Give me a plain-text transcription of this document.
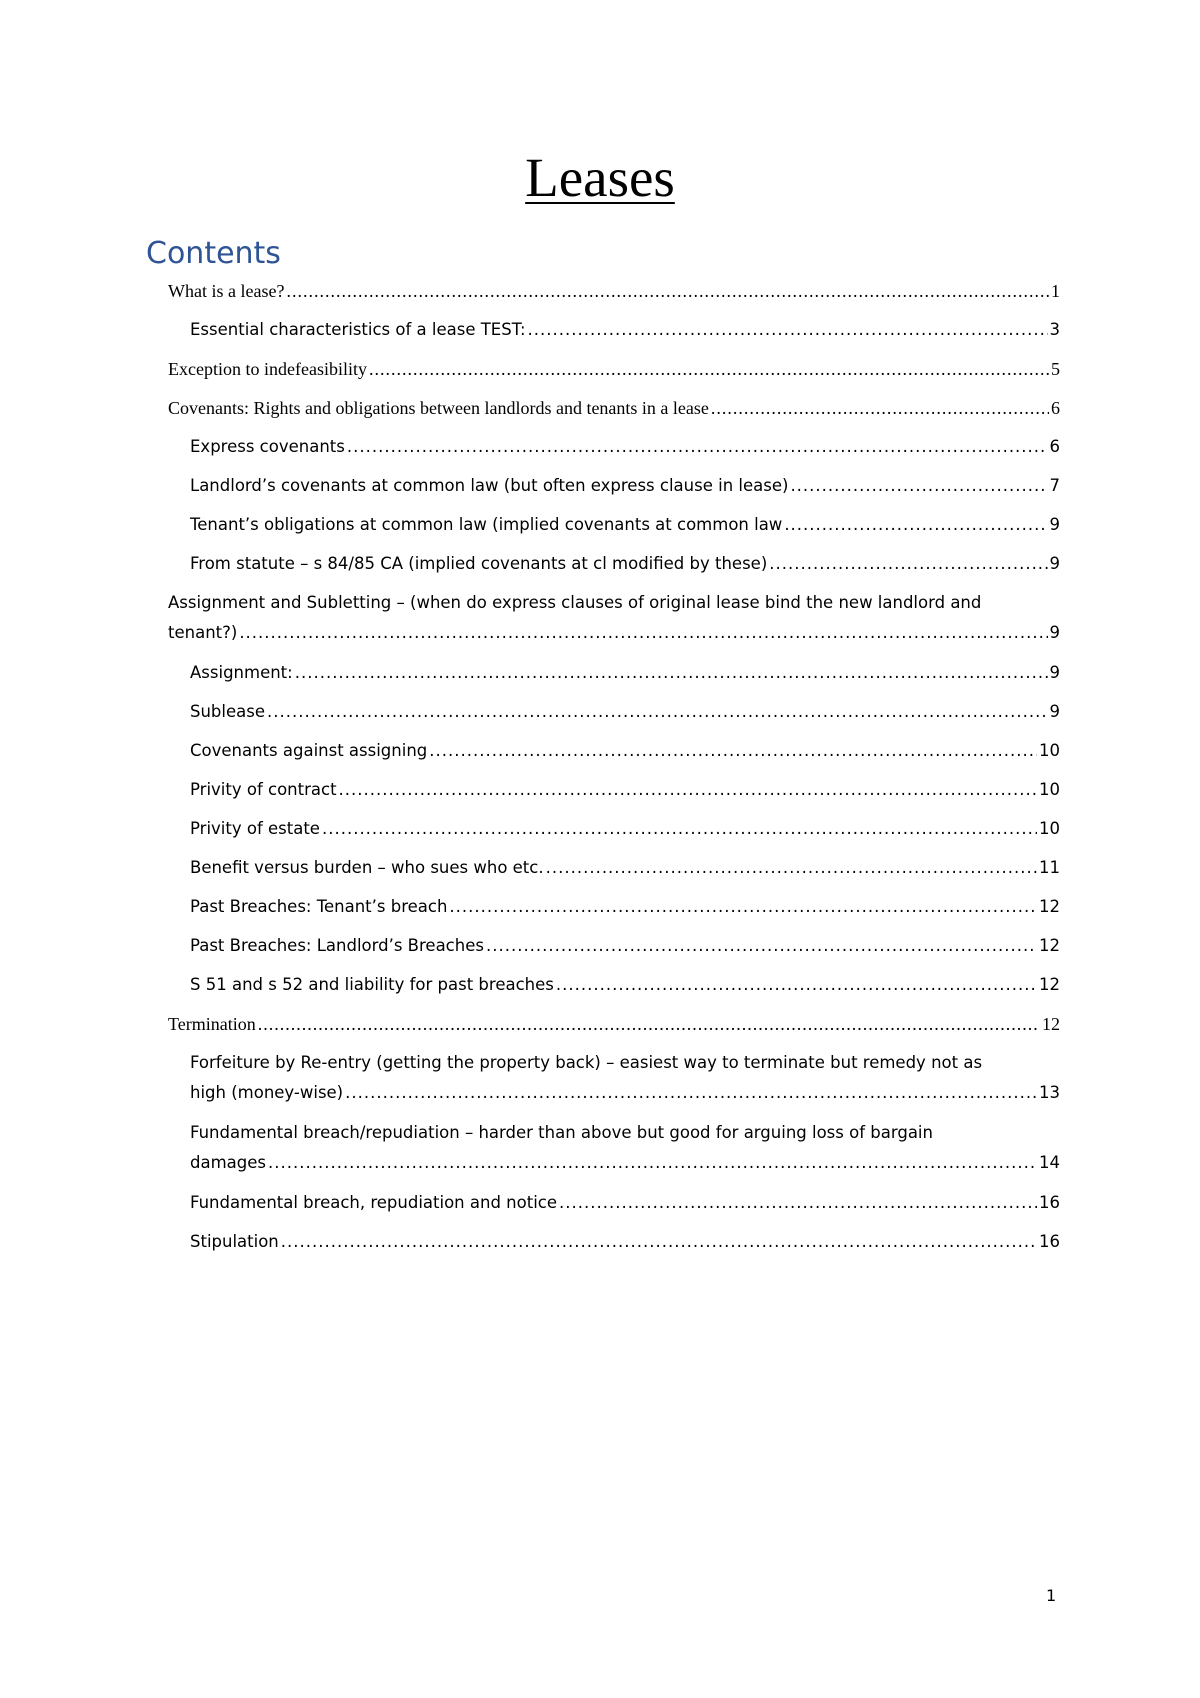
Leases
Contents
What is a lease? .....	1
Essential characteristics of a lease TEST: .....	3
Exception to indefeasibility .....	5
Covenants: Rights and obligations between landlords and tenants in a lease .....	6
Express covenants .....	6
Landlord’s covenants at common law (but often express clause in lease) .....	7
Tenant’s obligations at common law (implied covenants at common law .....	9
From statute – s 84/85 CA (implied covenants at cl modified by these) .....	9
Assignment and Subletting – (when do express clauses of original lease bind the new landlord and
tenant?) .....	9
Assignment: .....	9
Sublease .....	9
Covenants against assigning .....	10
Privity of contract .....	10
Privity of estate .....	10
Benefit versus burden – who sues who etc. .....	11
Past Breaches: Tenant’s breach .....	12
Past Breaches: Landlord’s Breaches .....	12
S 51 and s 52 and liability for past breaches .....	12
Termination .....	12
Forfeiture by Re-entry (getting the property back) – easiest way to terminate but remedy not as
high (money-wise) .....	13
Fundamental breach/repudiation – harder than above but good for arguing loss of bargain
damages .....	14
Fundamental breach, repudiation and notice .....	16
Stipulation .....	16
1
